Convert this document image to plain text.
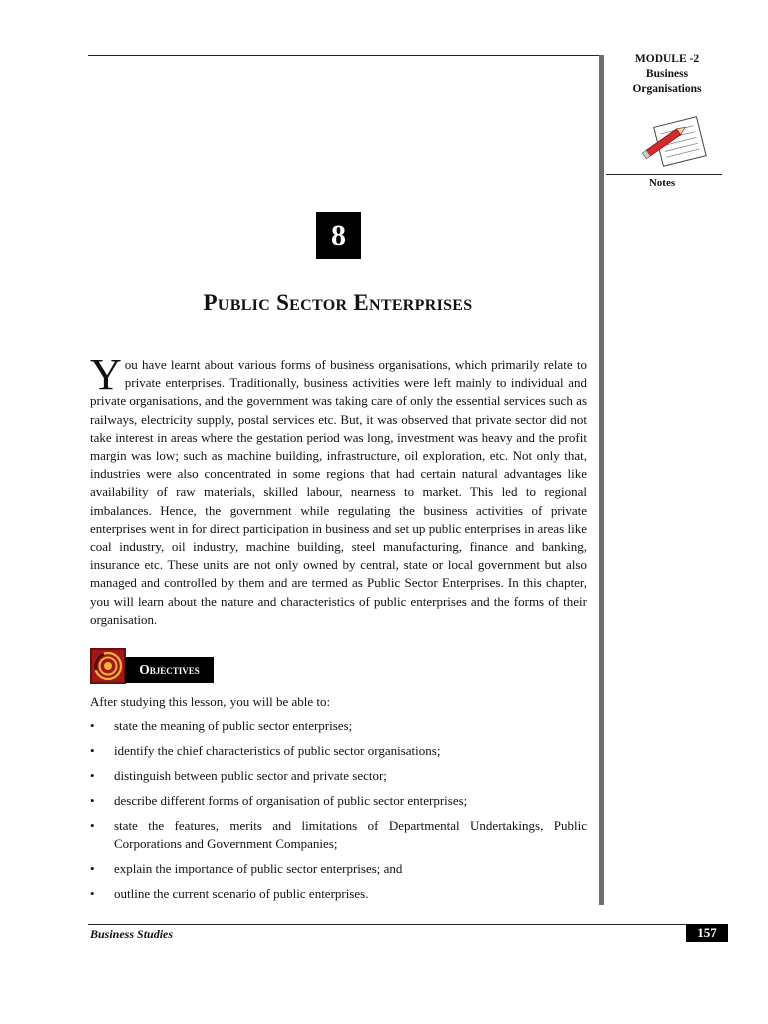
MODULE -2
Business
Organisations
Notes
8
Public Sector Enterprises

You have learnt about various forms of business organisations, which primarily relate to private enterprises. Traditionally, business activities were left mainly to individual and private organisations, and the government was taking care of only the essential services such as railways, electricity supply, postal services etc. But, it was observed that private sector did not take interest in areas where the gestation period was long, investment was heavy and the profit margin was low; such as machine building, infrastructure, oil exploration, etc. Not only that, industries were also concentrated in some regions that had certain natural advantages like availability of raw materials, skilled labour, nearness to market. This led to regional imbalances. Hence, the government while regulating the business activities of private enterprises went in for direct participation in business and set up public enterprises in areas like coal industry, oil industry, machine building, steel manufacturing, finance and banking, insurance etc. These units are not only owned by central, state or local government but also managed and controlled by them and are termed as Public Sector Enterprises. In this chapter, you will learn about the nature and characteristics of public enterprises and the forms of their organisation.

Objectives

After studying this lesson, you will be able to:

• state the meaning of public sector enterprises;
• identify the chief characteristics of public sector organisations;
• distinguish between public sector and private sector;
• describe different forms of organisation of public sector enterprises;
• state the features, merits and limitations of Departmental Undertakings, Public Corporations and Government Companies;
• explain the importance of public sector enterprises; and
• outline the current scenario of public enterprises.
Business Studies	157
